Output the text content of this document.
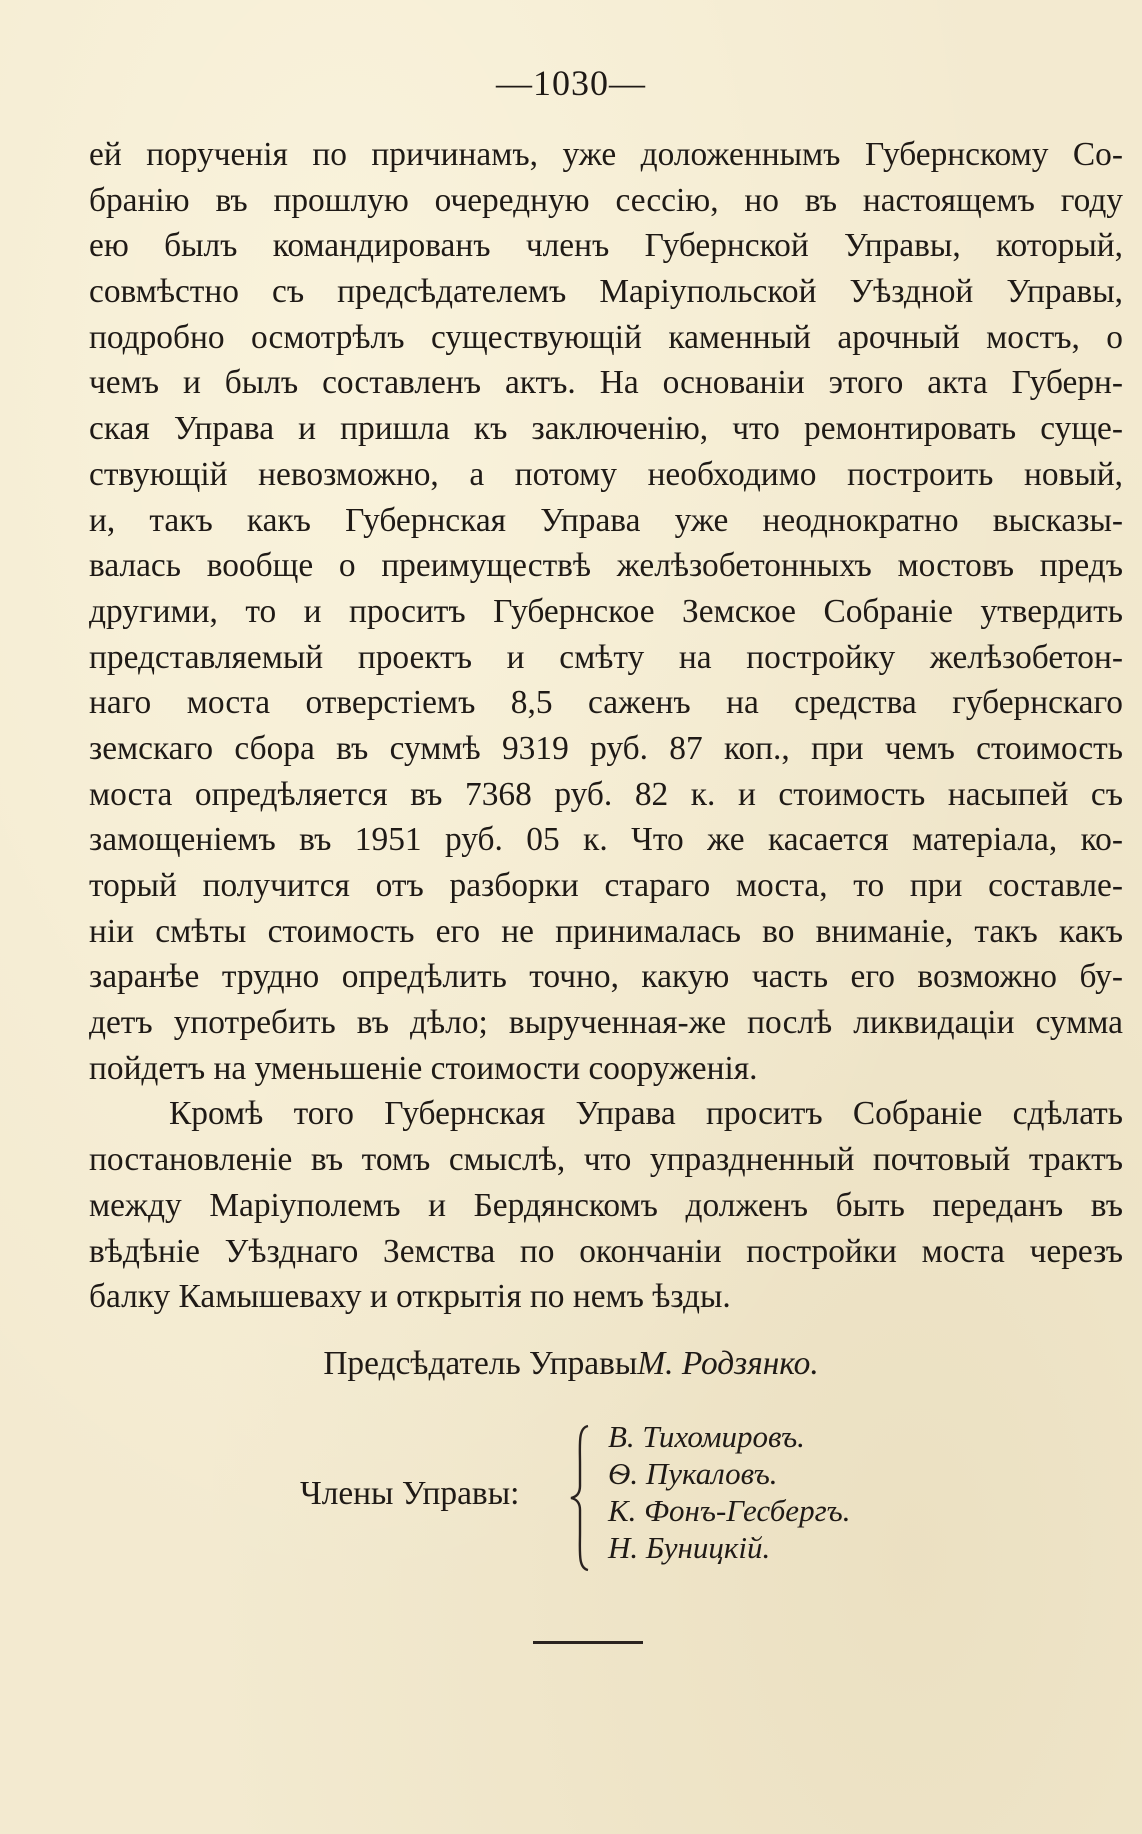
—1030—
ей порученія по причинамъ, уже доложеннымъ Губернскому Со-
бранію въ прошлую очередную сессію, но въ настоящемъ году
ею былъ командированъ членъ Губернской Управы, который,
совмѣстно съ предсѣдателемъ Маріупольской Уѣздной Управы,
подробно осмотрѣлъ существующій каменный арочный мостъ, о
чемъ и былъ составленъ актъ. На основаніи этого акта Губерн-
ская Управа и пришла къ заключенію, что ремонтировать суще-
ствующій невозможно, а потому необходимо построить новый,
и, такъ какъ Губернская Управа уже неоднократно высказы-
валась вообще о преимуществѣ желѣзобетонныхъ мостовъ предъ
другими, то и проситъ Губернское Земское Собраніе утвердить
представляемый проектъ и смѣту на постройку желѣзобетон-
наго моста отверстіемъ 8,5 саженъ на средства губернскаго
земскаго сбора въ суммѣ 9319 руб. 87 коп., при чемъ стоимость
моста опредѣляется въ 7368 руб. 82 к. и стоимость насыпей съ
замощеніемъ въ 1951 руб. 05 к. Что же касается матеріала, ко-
торый получится отъ разборки стараго моста, то при составле-
ніи смѣты стоимость его не принималась во вниманіе, такъ какъ
заранѣе трудно опредѣлить точно, какую часть его возможно бу-
детъ употребить въ дѣло; вырученная-же послѣ ликвидаціи сумма
пойдетъ на уменьшеніе стоимости сооруженія.
Кромѣ того Губернская Управа проситъ Собраніе сдѣлать
постановленіе въ томъ смыслѣ, что упраздненный почтовый трактъ
между Маріуполемъ и Бердянскомъ долженъ быть переданъ въ
вѣдѣніе Уѣзднаго Земства по окончаніи постройки моста черезъ
балку Камышеваху и открытія по немъ ѣзды.
Предсѣдатель УправыМ. Родзянко.
Члены Управы:
В. Тихомировъ.
Ѳ. Пукаловъ.
К. Фонъ-Гесбергъ.
Н. Буницкій.
